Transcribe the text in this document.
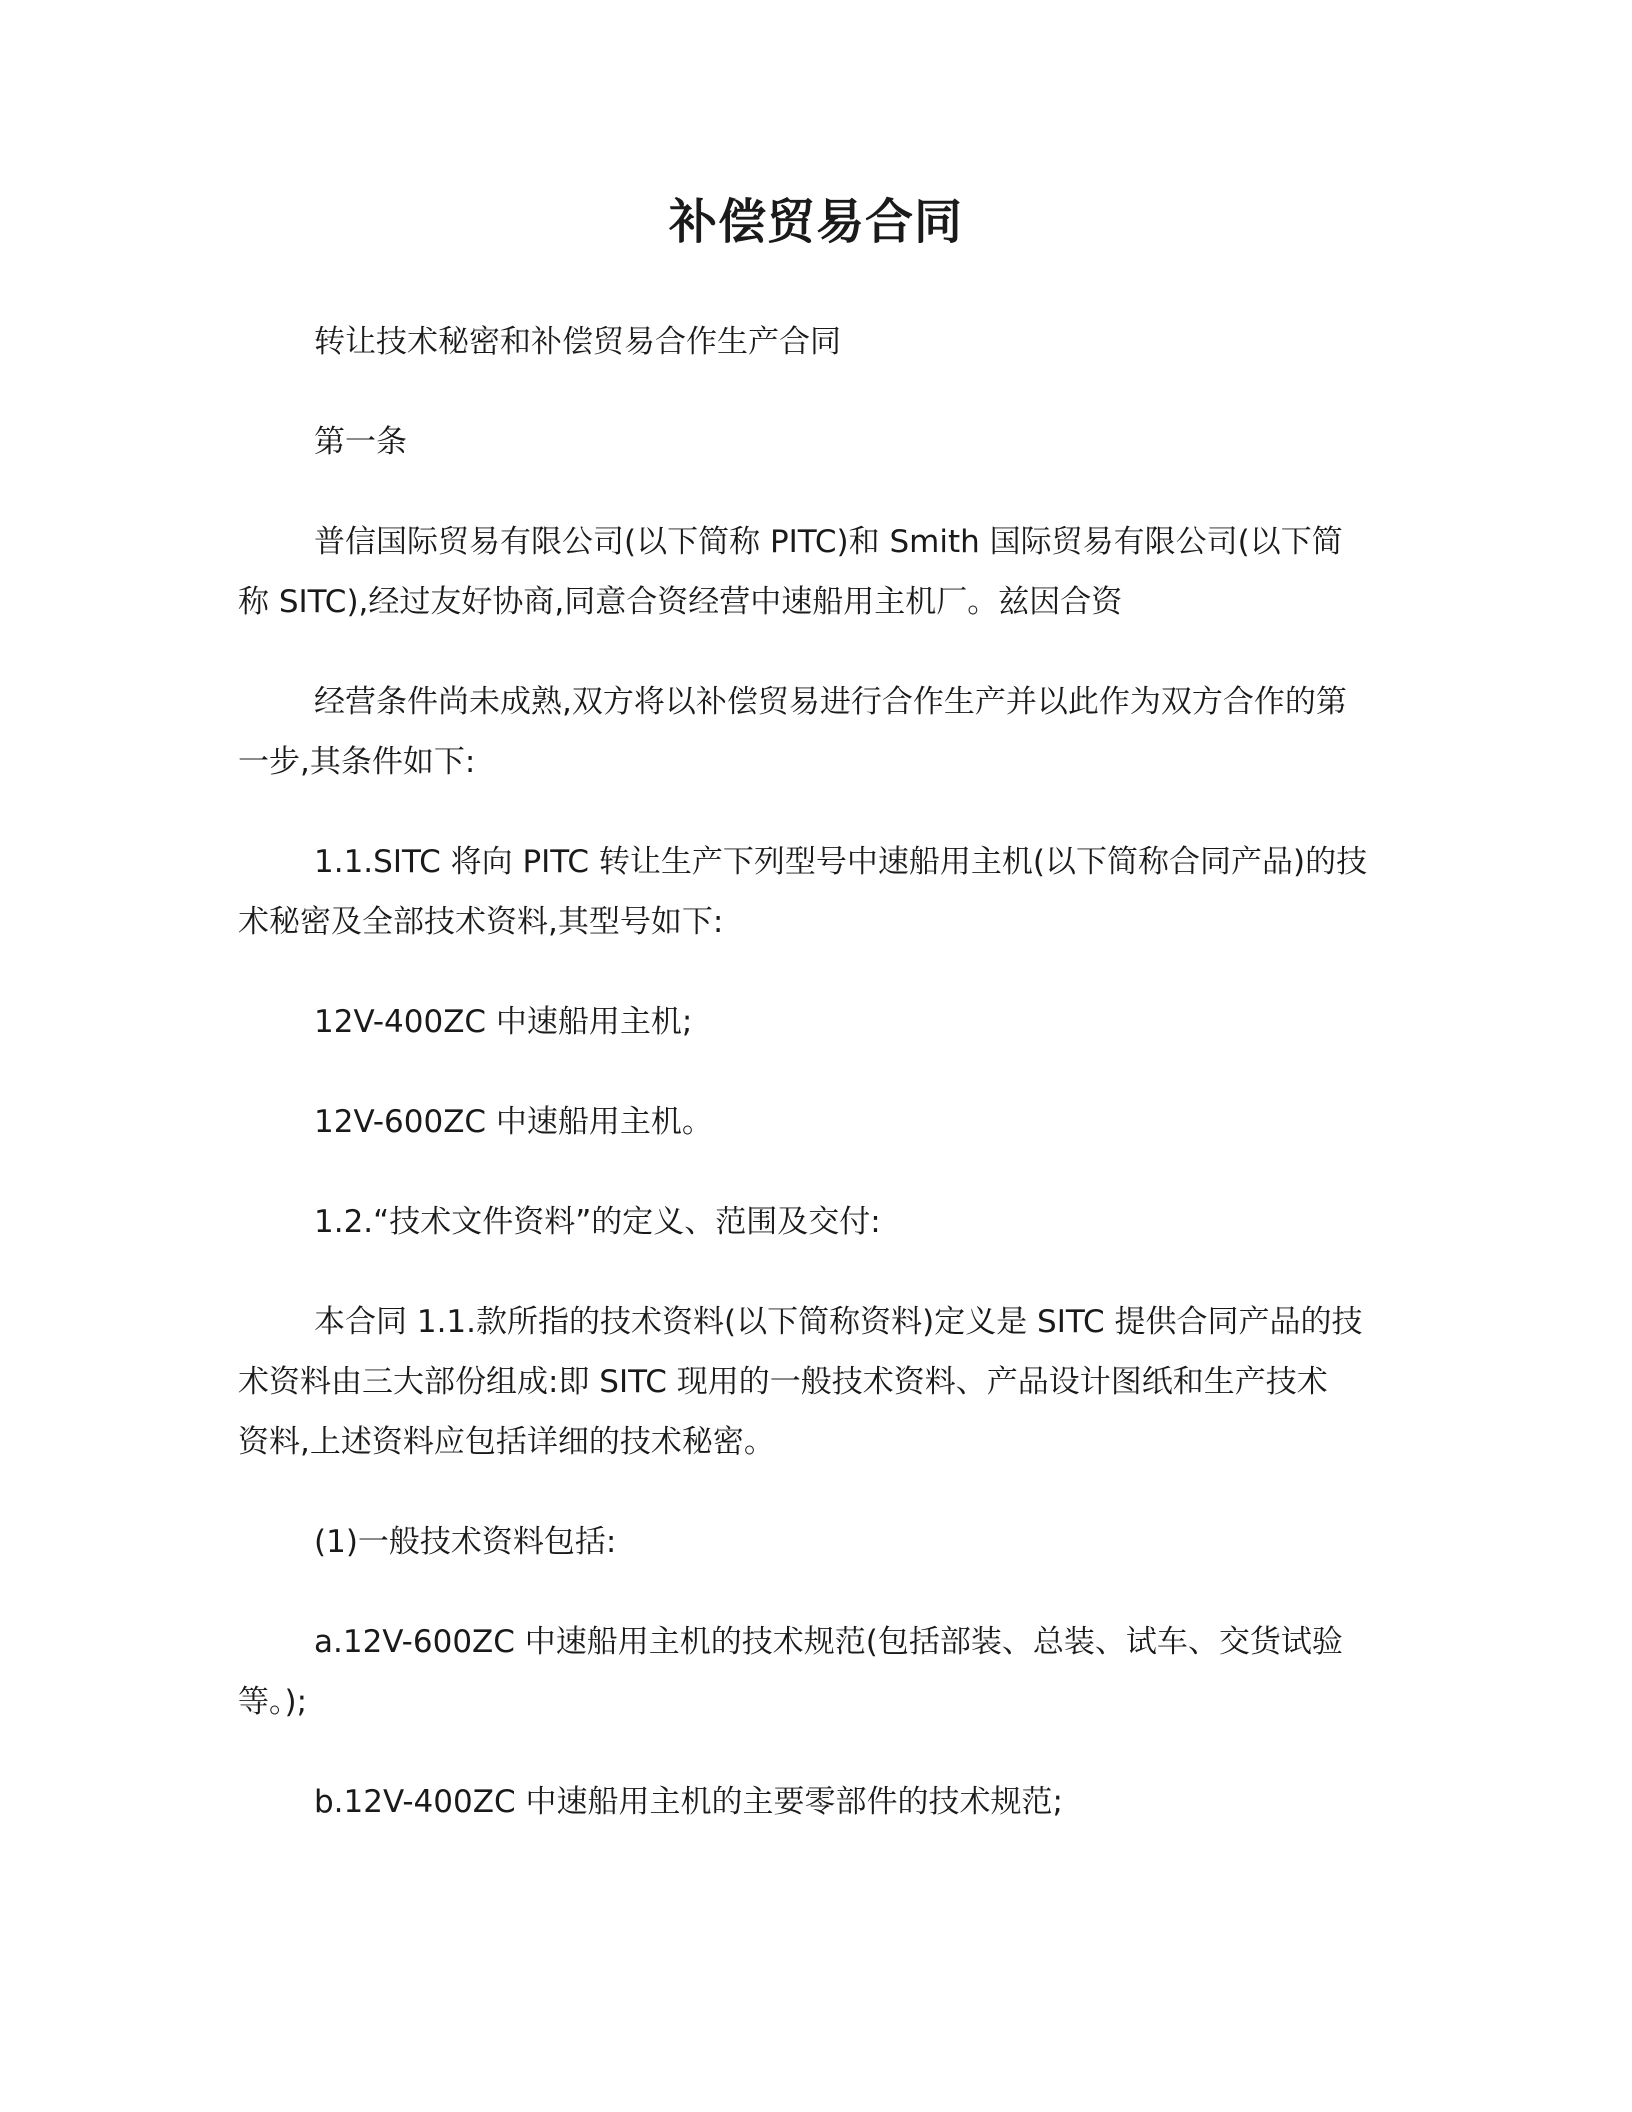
补偿贸易合同
转让技术秘密和补偿贸易合作生产合同
第一条
普信国际贸易有限公司(以下简称 PITC)和 Smith 国际贸易有限公司(以下简
称 SITC),经过友好协商,同意合资经营中速船用主机厂。兹因合资
经营条件尚未成熟,双方将以补偿贸易进行合作生产并以此作为双方合作的第
一步,其条件如下:
1.1.SITC 将向 PITC 转让生产下列型号中速船用主机(以下简称合同产品)的技
术秘密及全部技术资料,其型号如下:
12V-400ZC 中速船用主机;
12V-600ZC 中速船用主机。
1.2.“技术文件资料”的定义、范围及交付:
本合同 1.1.款所指的技术资料(以下简称资料)定义是 SITC 提供合同产品的技
术资料由三大部份组成:即 SITC 现用的一般技术资料、产品设计图纸和生产技术
资料,上述资料应包括详细的技术秘密。
(1)一般技术资料包括:
a.12V-600ZC 中速船用主机的技术规范(包括部装、总装、试车、交货试验
等。);
b.12V-400ZC 中速船用主机的主要零部件的技术规范;
